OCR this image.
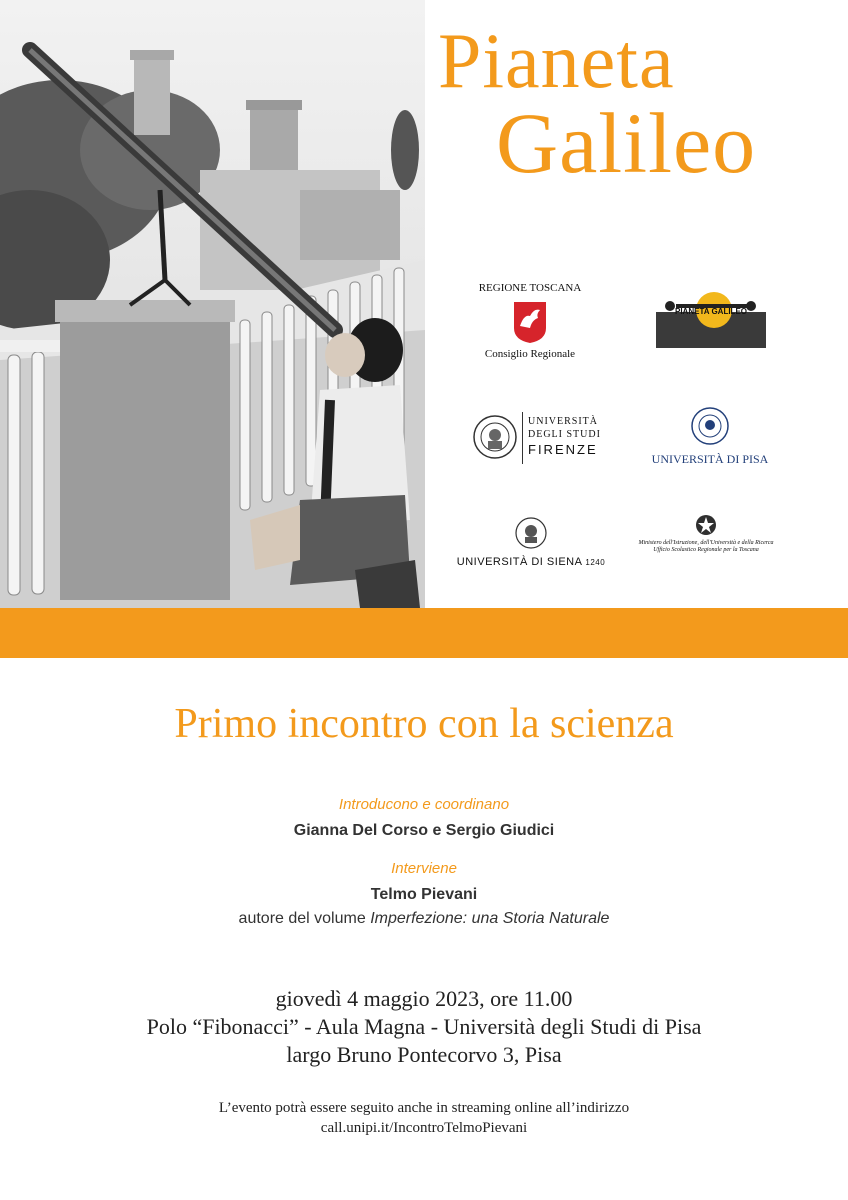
Pianeta
Galileo
REGIONE TOSCANA
Consiglio Regionale
PIANETA GALILEO
UNIVERSITÀ
DEGLI STUDI
FIRENZE
UNIVERSITÀ DI PISA
UNIVERSITÀ DI SIENA 1240
Ministero dell'Istruzione, dell'Università e della Ricerca
Ufficio Scolastico Regionale per la Toscana
Primo incontro con la scienza
Introducono e coordinano
Gianna Del Corso e Sergio Giudici
Interviene
Telmo Pievani
autore del volume Imperfezione: una Storia Naturale
giovedì 4 maggio 2023, ore 11.00
Polo “Fibonacci” - Aula Magna - Università degli Studi di Pisa
largo Bruno Pontecorvo 3, Pisa
L’evento potrà essere seguito anche in streaming online all’indirizzo
call.unipi.it/IncontroTelmoPievani
